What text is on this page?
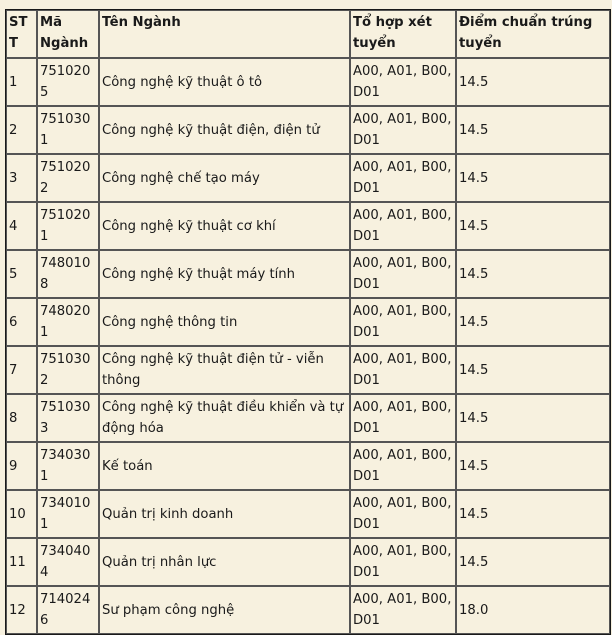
STT	Mã Ngành	Tên Ngành	Tổ hợp xét tuyển	Điểm chuẩn trúng tuyển
1	7510205	Công nghệ kỹ thuật ô tô	A00, A01, B00, D01	14.5
2	7510301	Công nghệ kỹ thuật điện, điện tử	A00, A01, B00, D01	14.5
3	7510202	Công nghệ chế tạo máy	A00, A01, B00, D01	14.5
4	7510201	Công nghệ kỹ thuật cơ khí	A00, A01, B00, D01	14.5
5	7480108	Công nghệ kỹ thuật máy tính	A00, A01, B00, D01	14.5
6	7480201	Công nghệ thông tin	A00, A01, B00, D01	14.5
7	7510302	Công nghệ kỹ thuật điện tử - viễn thông	A00, A01, B00, D01	14.5
8	7510303	Công nghệ kỹ thuật điều khiển và tự động hóa	A00, A01, B00, D01	14.5
9	7340301	Kế toán	A00, A01, B00, D01	14.5
10	7340101	Quản trị kinh doanh	A00, A01, B00, D01	14.5
11	7340404	Quản trị nhân lực	A00, A01, B00, D01	14.5
12	7140246	Sư phạm công nghệ	A00, A01, B00, D01	18.0
